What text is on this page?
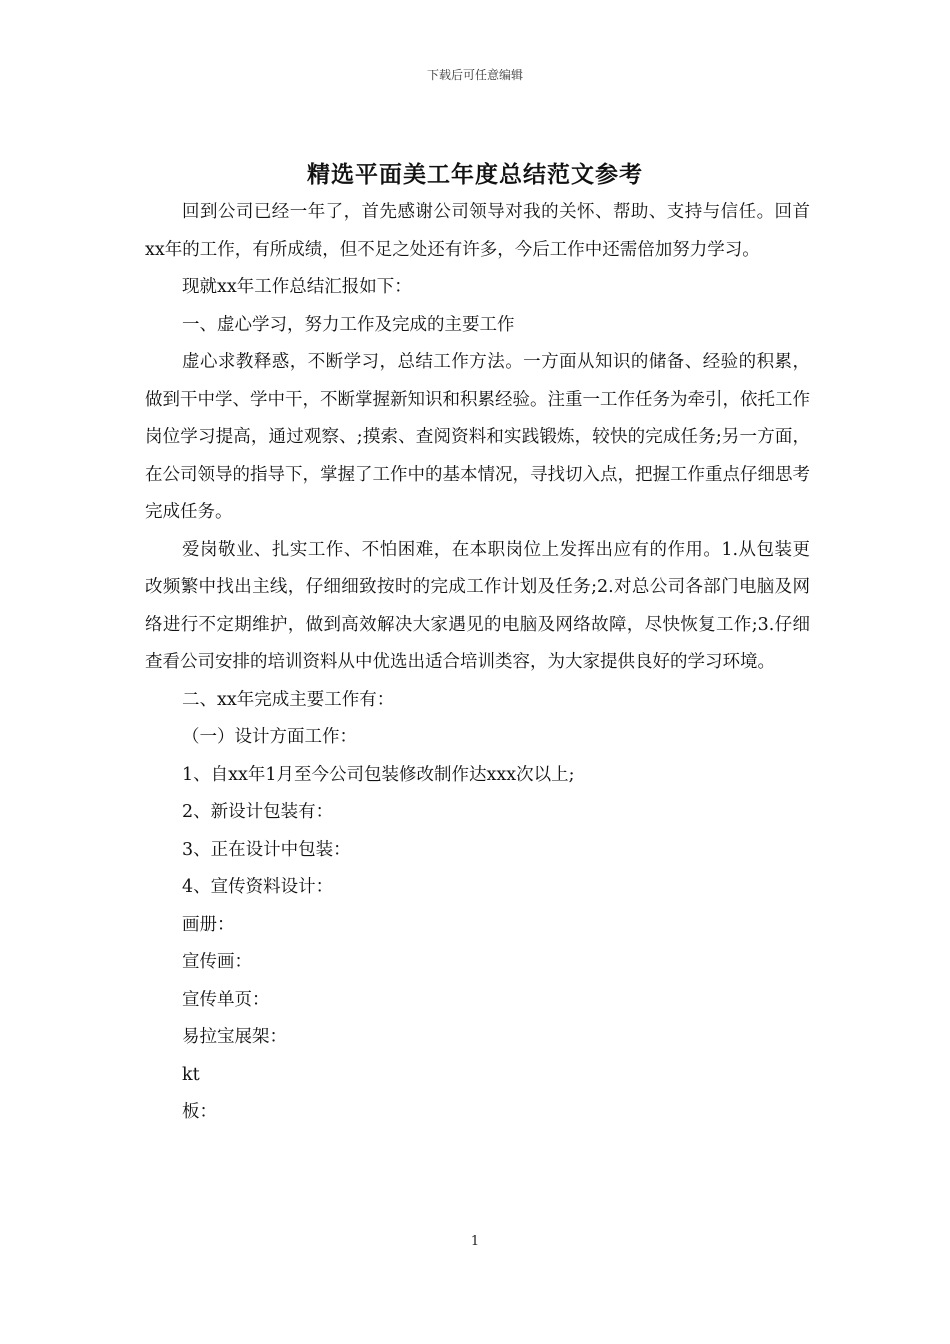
下载后可任意编辑
精选平面美工年度总结范文参考

回到公司已经一年了，首先感谢公司领导对我的关怀、帮助、支持与信任。回首xx年的工作，有所成绩，但不足之处还有许多，今后工作中还需倍加努力学习。

现就xx年工作总结汇报如下：

一、虚心学习，努力工作及完成的主要工作

虚心求教释惑，不断学习，总结工作方法。一方面从知识的储备、经验的积累，做到干中学、学中干，不断掌握新知识和积累经验。注重一工作任务为牵引，依托工作岗位学习提高，通过观察、;摸索、查阅资料和实践锻炼，较快的完成任务;另一方面，在公司领导的指导下，掌握了工作中的基本情况，寻找切入点，把握工作重点仔细思考完成任务。

爱岗敬业、扎实工作、不怕困难，在本职岗位上发挥出应有的作用。1.从包装更改频繁中找出主线，仔细细致按时的完成工作计划及任务;2.对总公司各部门电脑及网络进行不定期维护，做到高效解决大家遇见的电脑及网络故障，尽快恢复工作;3.仔细查看公司安排的培训资料从中优选出适合培训类容，为大家提供良好的学习环境。

二、xx年完成主要工作有：

（一）设计方面工作：

1、自xx年1月至今公司包装修改制作达xxx次以上;

2、新设计包装有：

3、正在设计中包装：

4、宣传资料设计：

画册：

宣传画：

宣传单页：

易拉宝展架：

kt

板：

1
